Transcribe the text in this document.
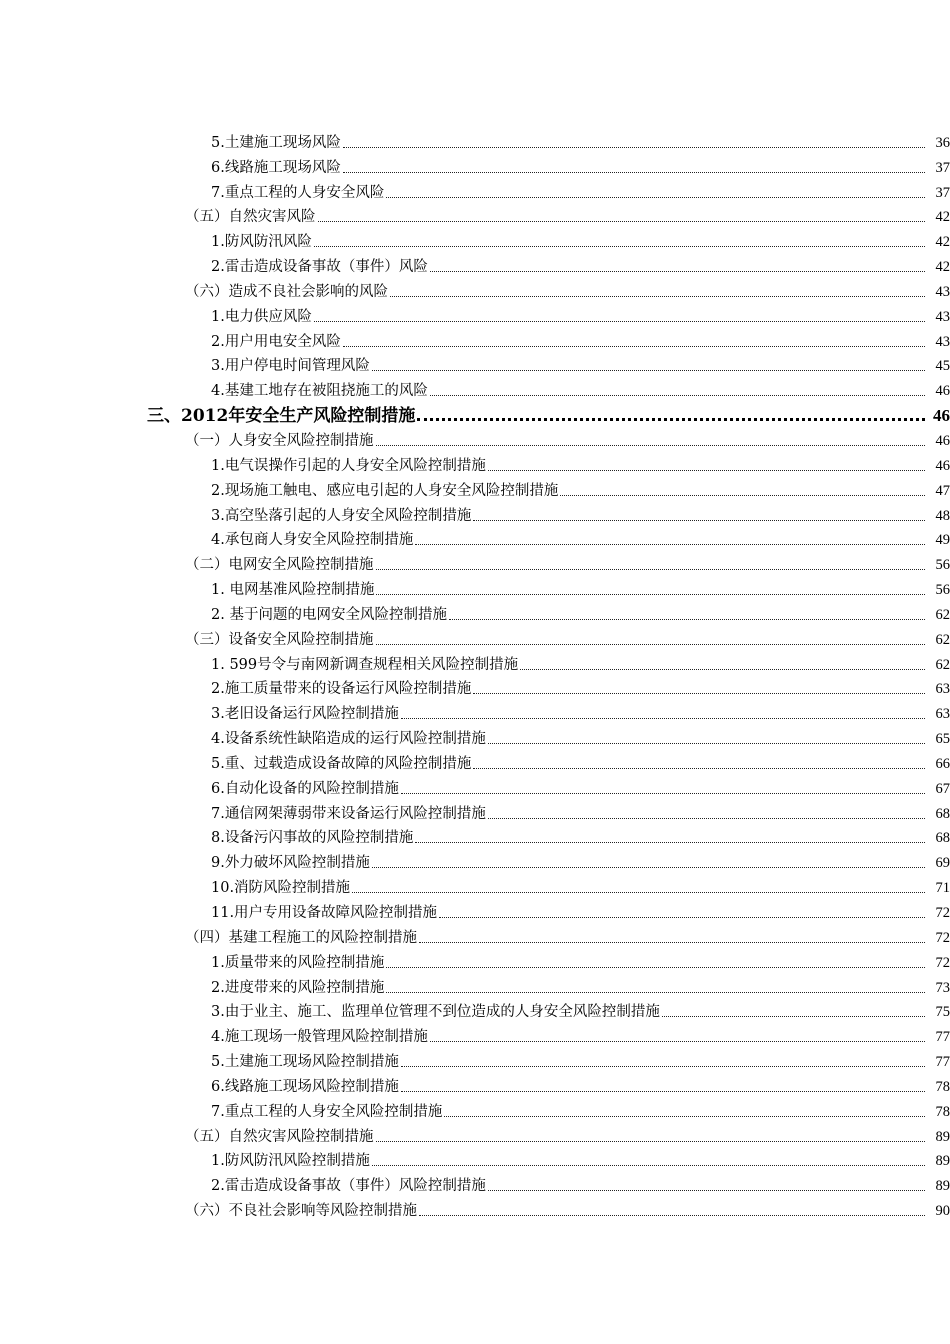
5.土建施工现场风险	36
6.线路施工现场风险	37
7.重点工程的人身安全风险	37
（五）自然灾害风险	42
1.防风防汛风险	42
2.雷击造成设备事故（事件）风险	42
（六）造成不良社会影响的风险	43
1.电力供应风险	43
2.用户用电安全风险	43
3.用户停电时间管理风险	45
4.基建工地存在被阻挠施工的风险	46
三、2012年安全生产风险控制措施	46
（一）人身安全风险控制措施	46
1.电气误操作引起的人身安全风险控制措施	46
2.现场施工触电、感应电引起的人身安全风险控制措施	47
3.高空坠落引起的人身安全风险控制措施	48
4.承包商人身安全风险控制措施	49
（二）电网安全风险控制措施	56
1. 电网基准风险控制措施	56
2. 基于问题的电网安全风险控制措施	62
（三）设备安全风险控制措施	62
1. 599号令与南网新调查规程相关风险控制措施	62
2.施工质量带来的设备运行风险控制措施	63
3.老旧设备运行风险控制措施	63
4.设备系统性缺陷造成的运行风险控制措施	65
5.重、过载造成设备故障的风险控制措施	66
6.自动化设备的风险控制措施	67
7.通信网架薄弱带来设备运行风险控制措施	68
8.设备污闪事故的风险控制措施	68
9.外力破坏风险控制措施	69
10.消防风险控制措施	71
11.用户专用设备故障风险控制措施	72
（四）基建工程施工的风险控制措施	72
1.质量带来的风险控制措施	72
2.进度带来的风险控制措施	73
3.由于业主、施工、监理单位管理不到位造成的人身安全风险控制措施	75
4.施工现场一般管理风险控制措施	77
5.土建施工现场风险控制措施	77
6.线路施工现场风险控制措施	78
7.重点工程的人身安全风险控制措施	78
（五）自然灾害风险控制措施	89
1.防风防汛风险控制措施	89
2.雷击造成设备事故（事件）风险控制措施	89
（六）不良社会影响等风险控制措施	90
